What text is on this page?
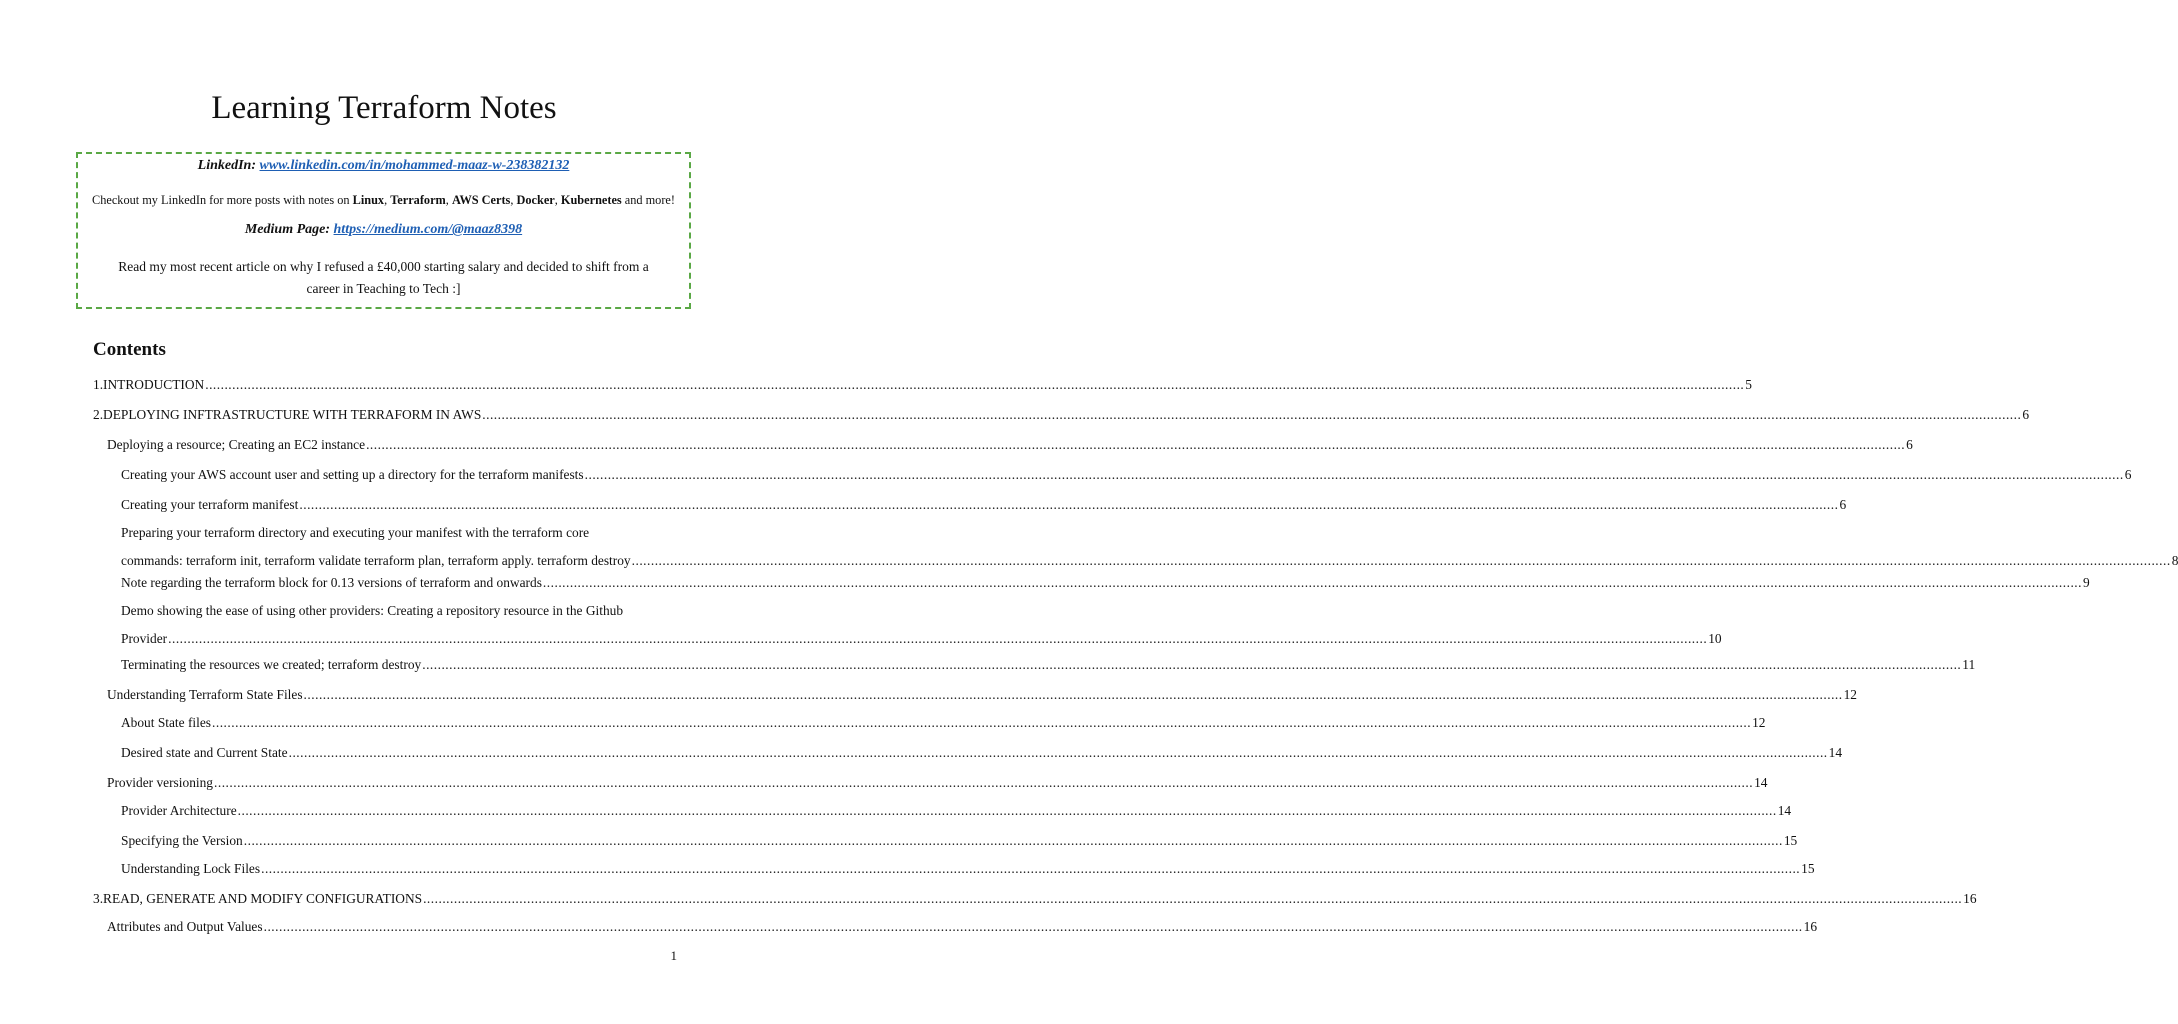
Learning Terraform Notes
LinkedIn: www.linkedin.com/in/mohammed-maaz-w-238382132
Checkout my LinkedIn for more posts with notes on Linux, Terraform, AWS Certs, Docker, Kubernetes and more!
Medium Page: https://medium.com/@maaz8398
Read my most recent article on why I refused a £40,000 starting salary and decided to shift from a career in Teaching to Tech :]
Contents
1. INTRODUCTION ................................................................................................................................................................................................................................................................................................................................................................................................................ 5
2. DEPLOYING INFTRASTRUCTURE WITH TERRAFORM IN AWS ................................................................................................................................................................................................................................................................................................................................................................................................................ 6
Deploying a resource; Creating an EC2 instance ................................................................................................................................................................................................................................................................................................................................................................................................................ 6
Creating your AWS account user and setting up a directory for the terraform manifests ................................................................................................................................................................................................................................................................................................................................................................................................................ 6
Creating your terraform manifest ................................................................................................................................................................................................................................................................................................................................................................................................................ 6
Preparing your terraform directory and executing your manifest with the terraform core
commands: terraform init, terraform validate terraform plan, terraform apply. terraform destroy ................................................................................................................................................................................................................................................................................................................................................................................................................ 8
Note regarding the terraform block for 0.13 versions of terraform and onwards ................................................................................................................................................................................................................................................................................................................................................................................................................ 9
Demo showing the ease of using other providers: Creating a repository resource in the Github
Provider ................................................................................................................................................................................................................................................................................................................................................................................................................ 10
Terminating the resources we created; terraform destroy ................................................................................................................................................................................................................................................................................................................................................................................................................ 11
Understanding Terraform State Files ................................................................................................................................................................................................................................................................................................................................................................................................................ 12
About State files ................................................................................................................................................................................................................................................................................................................................................................................................................ 12
Desired state and Current State ................................................................................................................................................................................................................................................................................................................................................................................................................ 14
Provider versioning ................................................................................................................................................................................................................................................................................................................................................................................................................ 14
Provider Architecture ................................................................................................................................................................................................................................................................................................................................................................................................................ 14
Specifying the Version ................................................................................................................................................................................................................................................................................................................................................................................................................ 15
Understanding Lock Files ................................................................................................................................................................................................................................................................................................................................................................................................................ 15
3. READ, GENERATE AND MODIFY CONFIGURATIONS ................................................................................................................................................................................................................................................................................................................................................................................................................ 16
Attributes and Output Values ................................................................................................................................................................................................................................................................................................................................................................................................................ 16
1
